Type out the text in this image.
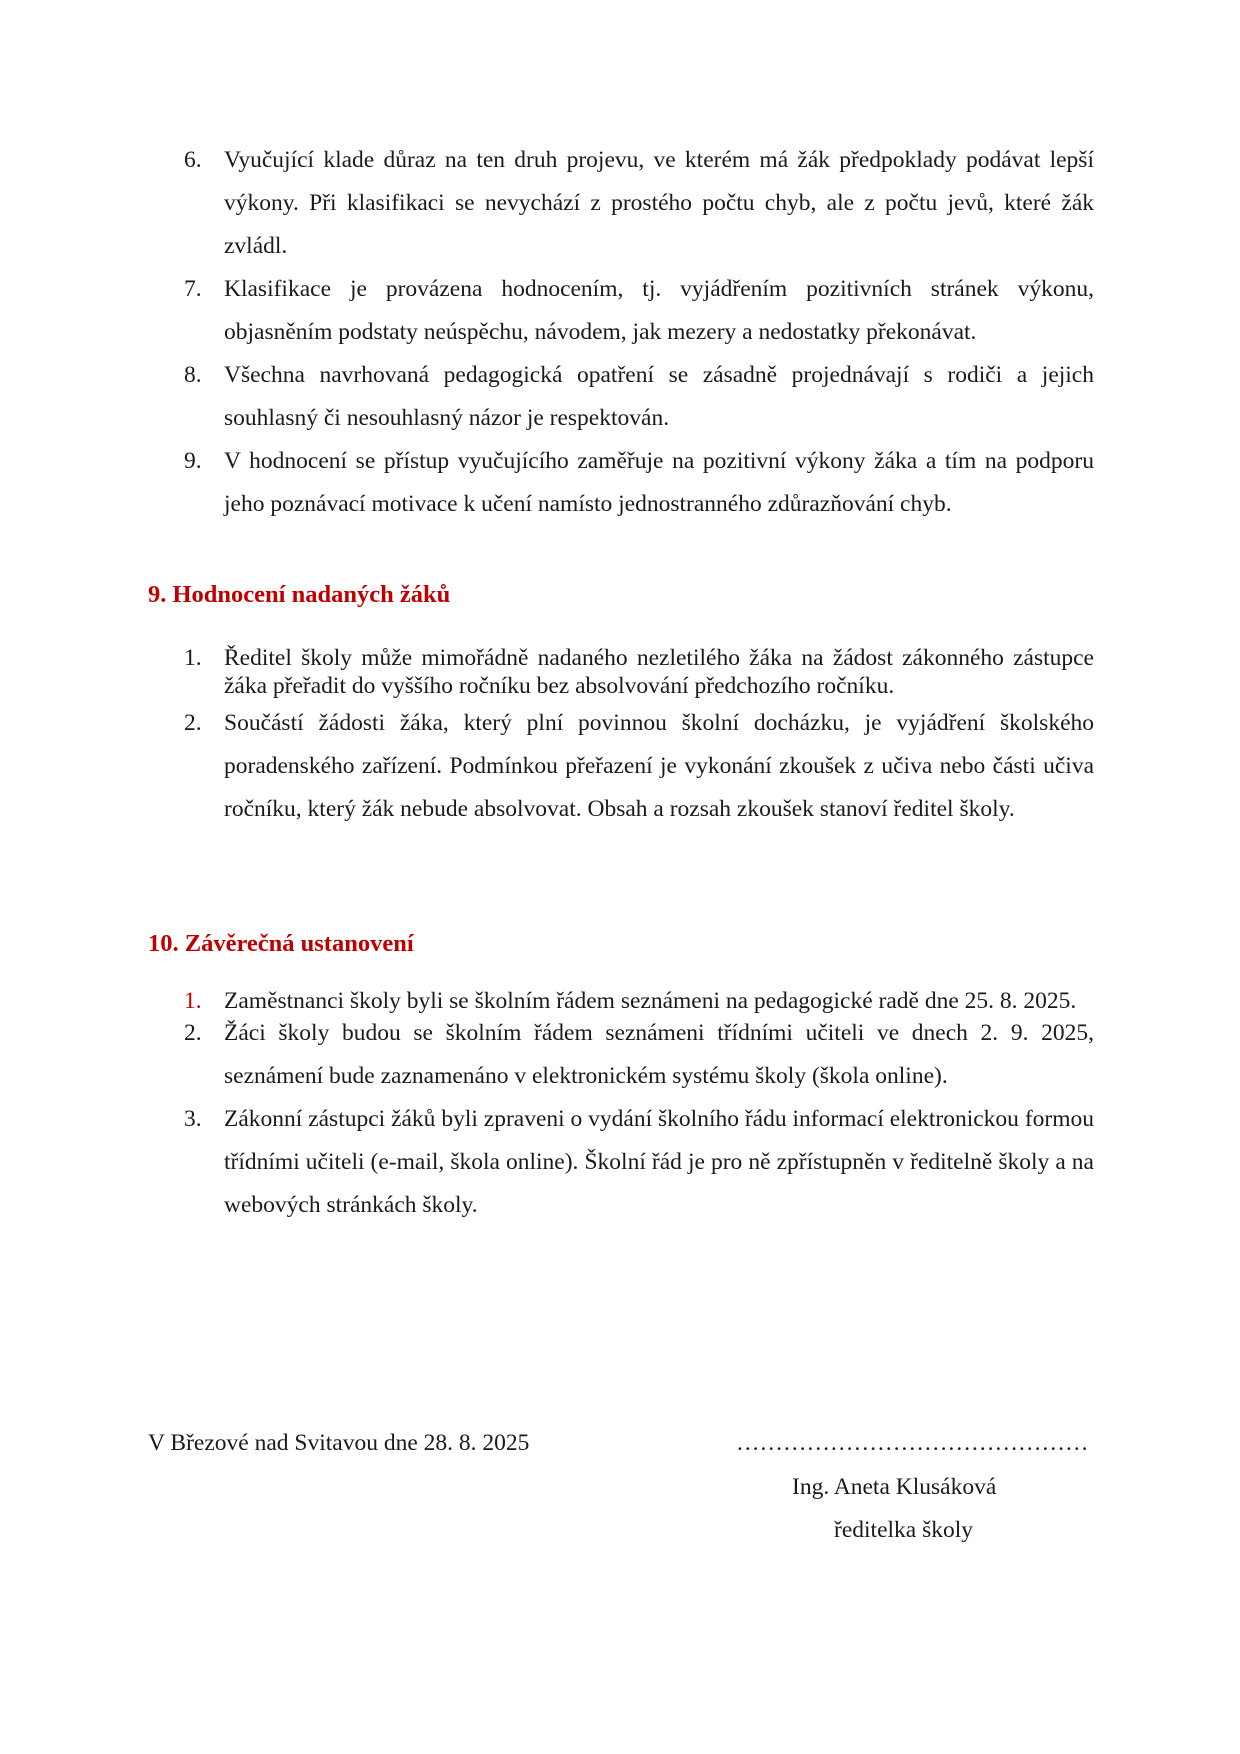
6. Vyučující klade důraz na ten druh projevu, ve kterém má žák předpoklady podávat lepší výkony. Při klasifikaci se nevychází z prostého počtu chyb, ale z počtu jevů, které žák zvládl.
7. Klasifikace je provázena hodnocením, tj. vyjádřením pozitivních stránek výkonu, objasněním podstaty neúspěchu, návodem, jak mezery a nedostatky překonávat.
8. Všechna navrhovaná pedagogická opatření se zásadně projednávají s rodiči a jejich souhlasný či nesouhlasný názor je respektován.
9. V hodnocení se přístup vyučujícího zaměřuje na pozitivní výkony žáka a tím na podporu jeho poznávací motivace k učení namísto jednostranného zdůrazňování chyb.
9. Hodnocení nadaných žáků
1. Ředitel školy může mimořádně nadaného nezletilého žáka na žádost zákonného zástupce žáka přeřadit do vyššího ročníku bez absolvování předchozího ročníku.
2. Součástí žádosti žáka, který plní povinnou školní docházku, je vyjádření školského poradenského zařízení. Podmínkou přeřazení je vykonání zkoušek z učiva nebo části učiva ročníku, který žák nebude absolvovat. Obsah a rozsah zkoušek stanoví ředitel školy.
10. Závěrečná ustanovení
1. Zaměstnanci školy byli se školním řádem seznámeni na pedagogické radě dne 25. 8. 2025.
2. Žáci školy budou se školním řádem seznámeni třídními učiteli ve dnech 2. 9. 2025, seznámení bude zaznamenáno v elektronickém systému školy (škola online).
3. Zákonní zástupci žáků byli zpraveni o vydání školního řádu informací elektronickou formou třídními učiteli (e-mail, škola online). Školní řád je pro ně zpřístupněn v ředitelně školy a na webových stránkách školy.
V Březové nad Svitavou dne 28. 8. 2025	………………………………………
Ing. Aneta Klusáková
ředitelka školy
